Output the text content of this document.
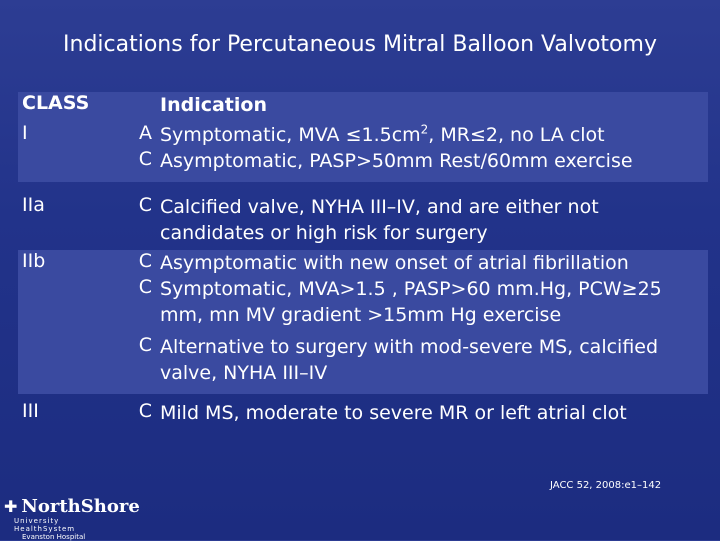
Indications for Percutaneous Mitral Balloon Valvotomy
CLASS	Indication
I	A Symptomatic, MVA $\le 1.5cm^2$, MR≤2, no LA clot
C Asymptomatic, PASP>50mm Rest/60mm exercise
IIa	C Calcified valve, NYHA III–IV, and are either not candidates or high risk for surgery
IIb	C Asymptomatic with new onset of atrial fibrillation
C Symptomatic, MVA>1.5 , PASP>60 mm.Hg, PCW≥25 mm, mn MV gradient >15mm Hg exercise
C Alternative to surgery with mod-severe MS, calcified valve, NYHA III–IV
III	C Mild MS, moderate to severe MR or left atrial clot
JACC 52, 2008:e1–142
✚ NorthShore
University HealthSystem
Evanston Hospital
